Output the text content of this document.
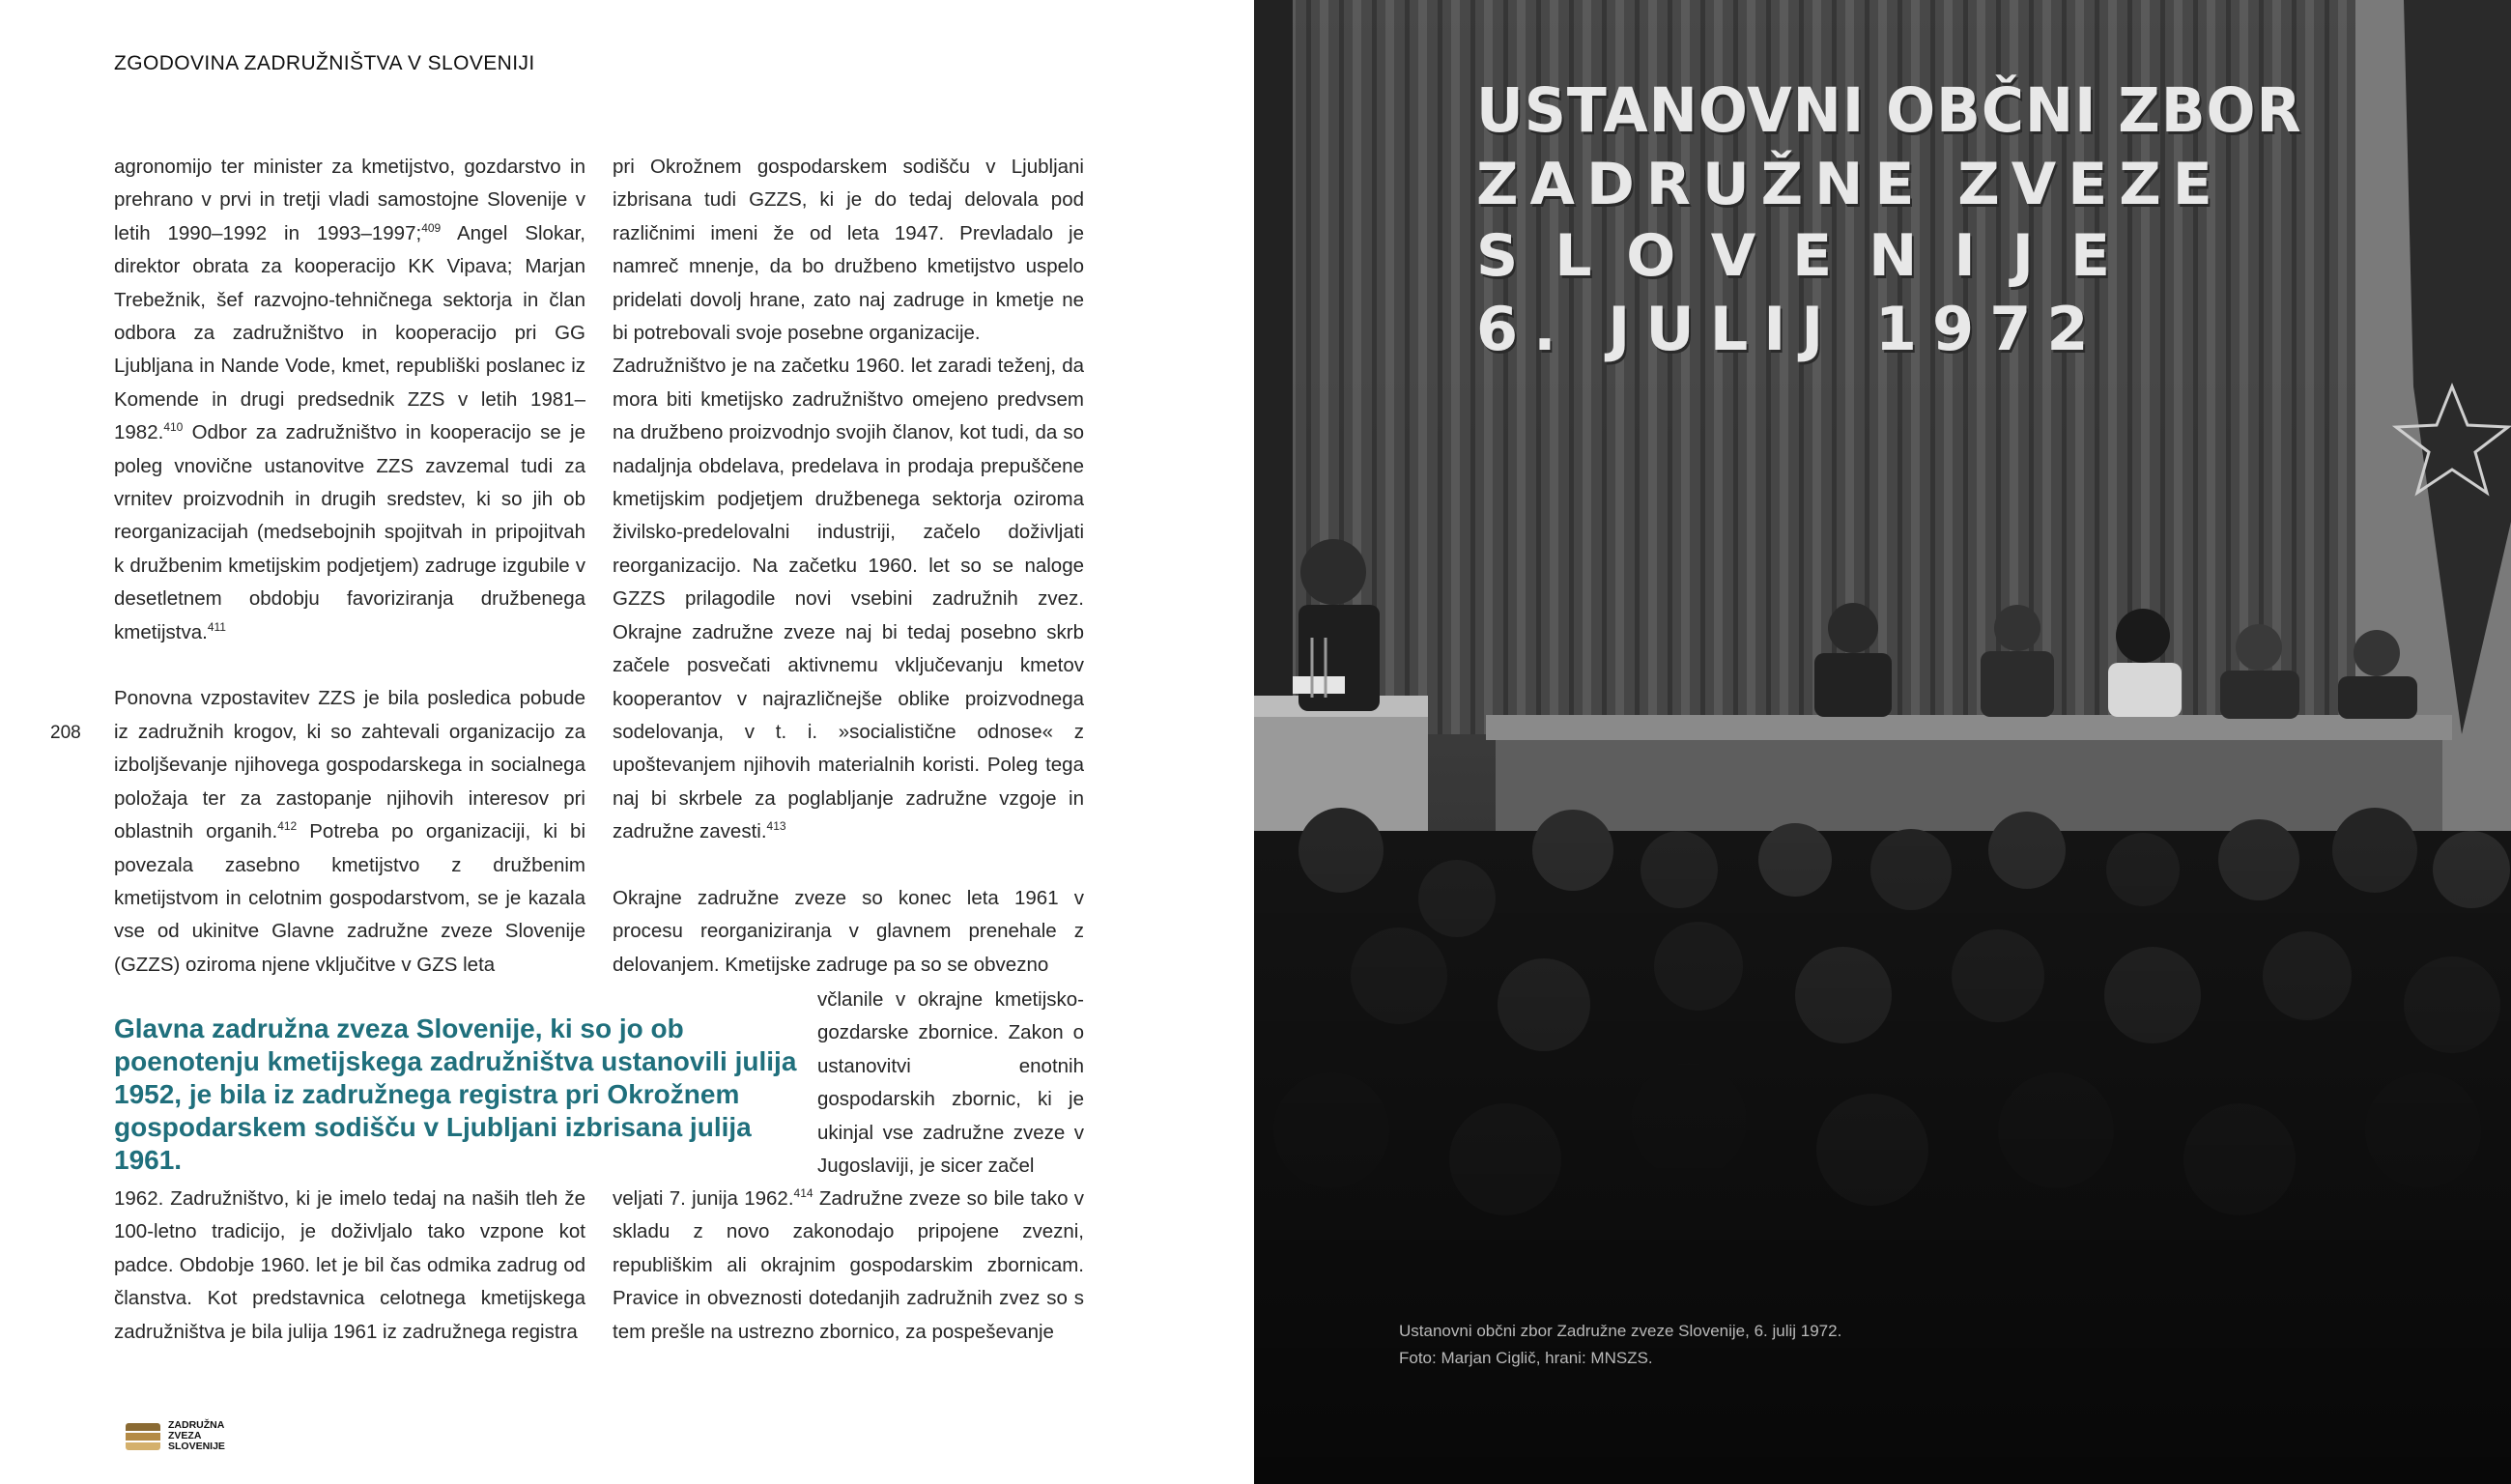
ZGODOVINA ZADRUŽNIŠTVA V SLOVENIJI
208

agronomijo ter minister za kmetijstvo, gozdarstvo in prehrano v prvi in tretji vladi samostojne Slovenije v letih 1990–1992 in 1993–1997;$^{409}$ Angel Slokar, direktor obrata za kooperacijo KK Vipava; Marjan Trebežnik, šef razvojno-tehničnega sektorja in član odbora za zadružništvo in kooperacijo pri GG Ljubljana in Nande Vode, kmet, republiški poslanec iz Komende in drugi predsednik ZZS v letih 1981–1982.$^{410}$ Odbor za zadružništvo in kooperacijo se je poleg vnovične ustanovitve ZZS zavzemal tudi za vrnitev proizvodnih in drugih sredstev, ki so jih ob reorganizacijah (medsebojnih spojitvah in pripojitvah k družbenim kmetijskim podjetjem) zadruge izgubile v desetletnem obdobju favoriziranja družbenega kmetijstva.$^{411}$

Ponovna vzpostavitev ZZS je bila posledica pobude iz zadružnih krogov, ki so zahtevali organizacijo za izboljševanje njihovega gospodarskega in socialnega položaja ter za zastopanje njihovih interesov pri oblastnih organih.$^{412}$ Potreba po organizaciji, ki bi povezala zasebno kmetijstvo z družbenim kmetijstvom in celotnim gospodarstvom, se je kazala vse od ukinitve Glavne zadružne zveze Slovenije (GZZS) oziroma njene vključitve v GZS leta

pri Okrožnem gospodarskem sodišču v Ljubljani izbrisana tudi GZZS, ki je do tedaj delovala pod različnimi imeni že od leta 1947. Prevladalo je namreč mnenje, da bo družbeno kmetijstvo uspelo pridelati dovolj hrane, zato naj zadruge in kmetje ne bi potrebovali svoje posebne organizacije.

Zadružništvo je na začetku 1960. let zaradi teženj, da mora biti kmetijsko zadružništvo omejeno predvsem na družbeno proizvodnjo svojih članov, kot tudi, da so nadaljnja obdelava, predelava in prodaja prepuščene kmetijskim podjetjem družbenega sektorja oziroma živilsko-predelovalni industriji, začelo doživljati reorganizacijo. Na začetku 1960. let so se naloge GZZS prilagodile novi vsebini zadružnih zvez. Okrajne zadružne zveze naj bi tedaj posebno skrb začele posvečati aktivnemu vključevanju kmetov kooperantov v najrazličnejše oblike proizvodnega sodelovanja, v t. i. »socialistične odnose« z upoštevanjem njihovih materialnih koristi. Poleg tega naj bi skrbele za poglabljanje zadružne vzgoje in zadružne zavesti.$^{413}$

Okrajne zadružne zveze so konec leta 1961 v procesu reorganiziranja v glavnem prenehale z delovanjem. Kmetijske zadruge pa so se obvezno

včlanile v okrajne kmetijsko-gozdarske zbornice. Zakon o ustanovitvi enotnih gospodarskih zbornic, ki je ukinjal vse zadružne zveze v Jugoslaviji, je sicer začel

Glavna zadružna zveza Slovenije, ki so jo ob poenotenju kmetijskega zadružništva ustanovili julija 1952, je bila iz zadružnega registra pri Okrožnem gospodarskem sodišču v Ljubljani izbrisana julija 1961.

1962. Zadružništvo, ki je imelo tedaj na naših tleh že 100-letno tradicijo, je doživljalo tako vzpone kot padce. Obdobje 1960. let je bil čas odmika zadrug od članstva. Kot predstavnica celotnega kmetijskega zadružništva je bila julija 1961 iz zadružnega registra

veljati 7. junija 1962.$^{414}$ Zadružne zveze so bile tako v skladu z novo zakonodajo pripojene zvezni, republiškim ali okrajnim gospodarskim zbornicam. Pravice in obveznosti dotedanjih zadružnih zvez so s tem prešle na ustrezno zbornico, za pospeševanje

ZADRUŽNA
ZVEZA
SLOVENIJE
USTANOVNI OBČNI ZBOR
ZADRUŽNE ZVEZE
SLOVENIJE
6. JULIJ 1972
Ustanovni občni zbor Zadružne zveze Slovenije, 6. julij 1972.
Foto: Marjan Ciglič, hrani: MNSZS.
